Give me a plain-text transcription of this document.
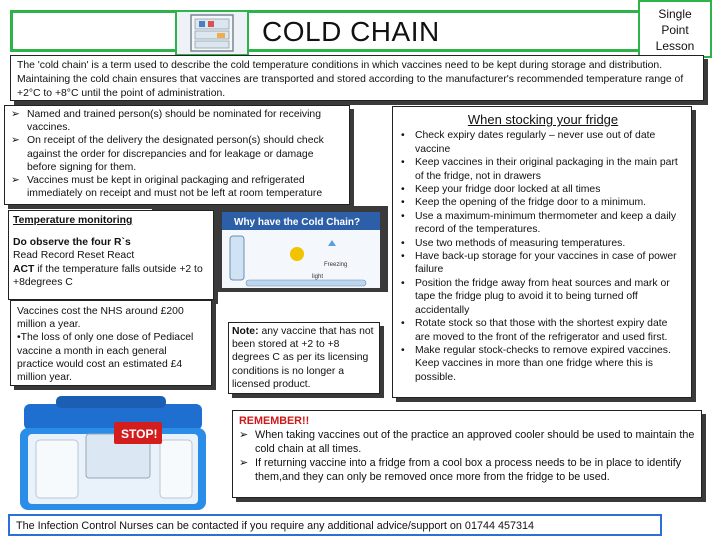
COLD CHAIN
Single
Point
Lesson
The 'cold chain' is a term used to describe the cold temperature conditions in which vaccines need to be kept during storage and distribution. Maintaining the cold chain ensures that vaccines are transported and stored according to the manufacturer's recommended temperature range of +2°C to +8°C until the point of administration.
➢ Named and trained person(s) should be nominated for receiving vaccines.
➢ On receipt of the delivery the designated person(s) should check against the order for discrepancies and for leakage or damage before signing for them.
➢ Vaccines must be kept in original packaging and refrigerated immediately on receipt and must not be left at room temperature
Why have the Cold Chain?
Freezing
light
Temperature monitoring
Do observe the four R`s
Read Record Reset React
ACT if the temperature falls outside +2 to +8degrees C
Vaccines cost the NHS around £200 million a year.
•The loss of only one dose of Pediacel vaccine a month in each general practice would cost an estimated £4 million year.
Note: any vaccine that has not been stored at +2 to +8 degrees C as per its licensing conditions is no longer a licensed product.
When stocking your fridge
• Check expiry dates regularly – never use out of date vaccine
• Keep vaccines in their original packaging in the main part of the fridge, not in drawers
• Keep your fridge door locked at all times
• Keep the opening of the fridge door to a minimum.
• Use a maximum-minimum thermometer and keep a daily record of the temperatures.
• Use two methods of measuring temperatures.
• Have back-up storage for your vaccines in case of power failure
• Position the fridge away from heat sources and mark or tape the fridge plug to avoid it to being turned off accidentally
• Rotate stock so that those with the shortest expiry date are moved to the front of the refrigerator and used first.
• Make regular stock-checks to remove expired vaccines. Keep vaccines in more than one fridge where this is possible.
STOP!
REMEMBER!!
➢ When taking vaccines out of the practice an approved cooler should be used to maintain the cold chain at all times.
➢ If returning vaccine into a fridge from a cool box a process needs to be in place to identify them,and they can only be removed once more from the fridge to be used.
The Infection Control Nurses can be contacted if you require any additional advice/support on 01744 457314
